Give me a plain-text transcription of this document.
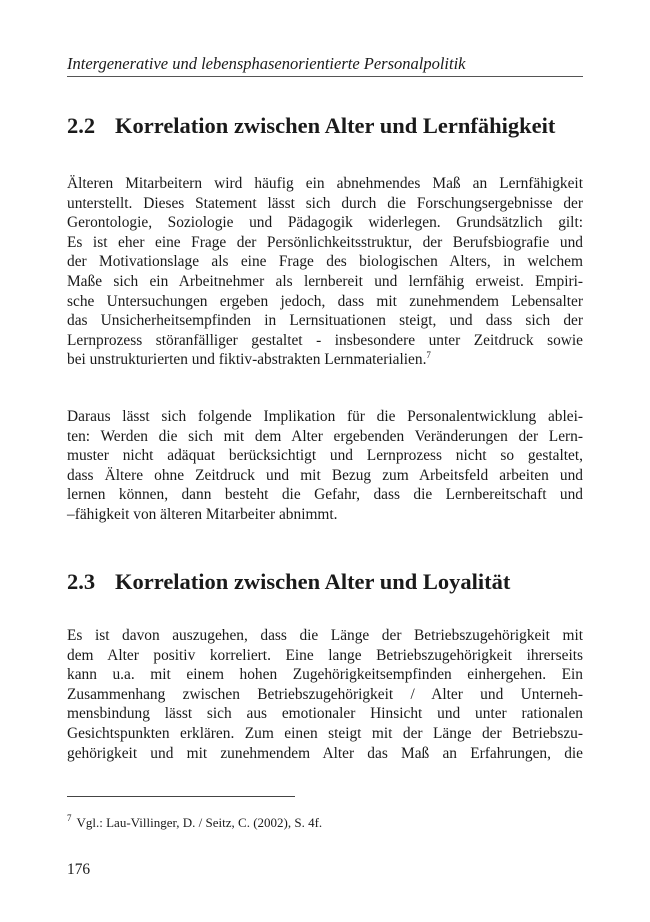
Intergenerative und lebensphasenorientierte Personalpolitik
2.2 Korrelation zwischen Alter und Lernfähigkeit
Älteren Mitarbeitern wird häufig ein abnehmendes Maß an Lernfähigkeit
unterstellt. Dieses Statement lässt sich durch die Forschungsergebnisse der
Gerontologie, Soziologie und Pädagogik widerlegen. Grundsätzlich gilt:
Es ist eher eine Frage der Persönlichkeitsstruktur, der Berufsbiografie und
der Motivationslage als eine Frage des biologischen Alters, in welchem
Maße sich ein Arbeitnehmer als lernbereit und lernfähig erweist. Empiri-
sche Untersuchungen ergeben jedoch, dass mit zunehmendem Lebensalter
das Unsicherheitsempfinden in Lernsituationen steigt, und dass sich der
Lernprozess störanfälliger gestaltet - insbesondere unter Zeitdruck sowie
bei unstrukturierten und fiktiv-abstrakten Lernmaterialien.$^7$
Daraus lässt sich folgende Implikation für die Personalentwicklung ablei-
ten: Werden die sich mit dem Alter ergebenden Veränderungen der Lern-
muster nicht adäquat berücksichtigt und Lernprozess nicht so gestaltet,
dass Ältere ohne Zeitdruck und mit Bezug zum Arbeitsfeld arbeiten und
lernen können, dann besteht die Gefahr, dass die Lernbereitschaft und
–fähigkeit von älteren Mitarbeiter abnimmt.
2.3 Korrelation zwischen Alter und Loyalität
Es ist davon auszugehen, dass die Länge der Betriebszugehörigkeit mit
dem Alter positiv korreliert. Eine lange Betriebszugehörigkeit ihrerseits
kann u.a. mit einem hohen Zugehörigkeitsempfinden einhergehen. Ein
Zusammenhang zwischen Betriebszugehörigkeit / Alter und Unterneh-
mensbindung lässt sich aus emotionaler Hinsicht und unter rationalen
Gesichtspunkten erklären. Zum einen steigt mit der Länge der Betriebszu-
gehörigkeit und mit zunehmendem Alter das Maß an Erfahrungen, die
$^7$ Vgl.: Lau-Villinger, D. / Seitz, C. (2002), S. 4f.
176
